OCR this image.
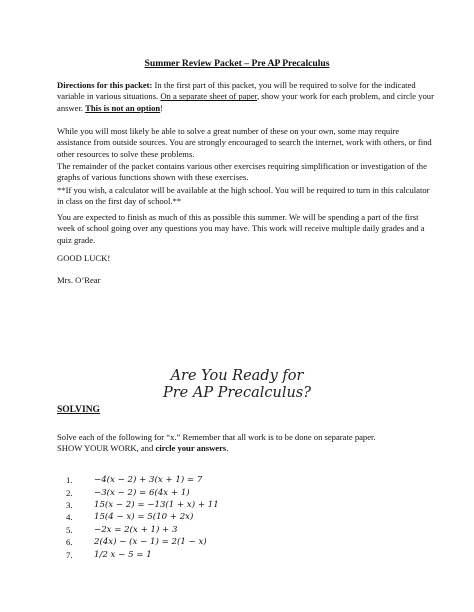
Summer Review Packet – Pre AP Precalculus
Directions for this packet: In the first part of this packet, you will be required to solve for the indicated variable in various situations. On a separate sheet of paper, show your work for each problem, and circle your answer. This is not an option!
While you will most likely be able to solve a great number of these on your own, some may require assistance from outside sources. You are strongly encouraged to search the internet, work with others, or find other resources to solve these problems.
The remainder of the packet contains various other exercises requiring simplification or investigation of the graphs of various functions shown with these exercises.
**If you wish, a calculator will be available at the high school. You will be required to turn in this calculator in class on the first day of school.**
You are expected to finish as much of this as possible this summer. We will be spending a part of the first week of school going over any questions you may have. This work will receive multiple daily grades and a quiz grade.
GOOD LUCK!
Mrs. O’Rear
Are You Ready for
Pre AP Precalculus?
SOLVING
Solve each of the following for “x.” Remember that all work is to be done on separate paper.
SHOW YOUR WORK, and circle your answers.
1.	−4(x − 2) + 3(x + 1) = 7
2.	−3(x − 2) = 6(4x + 1)
3.	15(x − 2) = −13(1 + x) + 11
4.	15(4 − x) = 5(10 + 2x)
5.	−2x = 2(x + 1) + 3
6.	2(4x) − (x − 1) = 2(1 − x)
7.	1/2 x − 5 = 1
